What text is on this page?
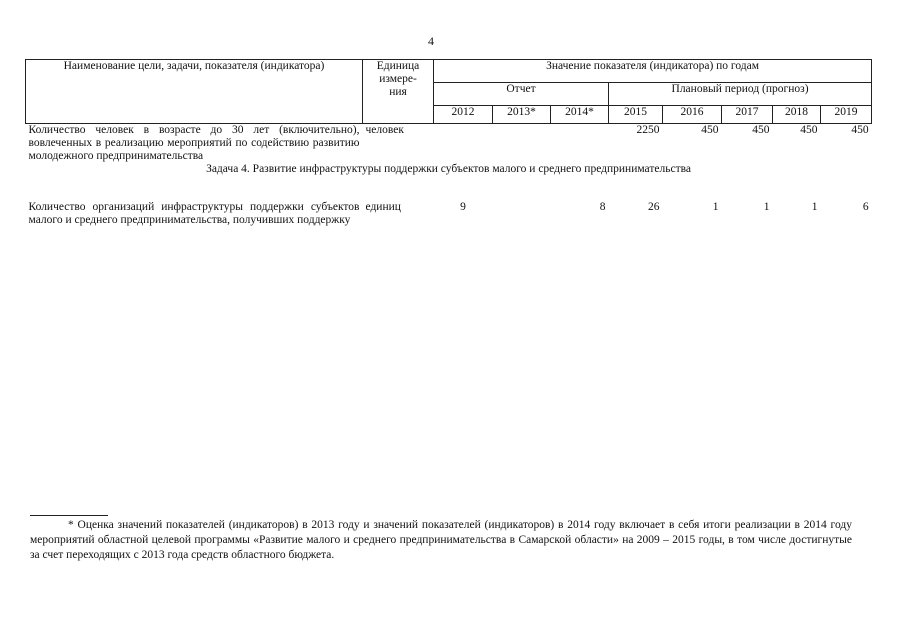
4
Наименование цели, задачи, показателя (индикатора)	Единица
измере-
ния	Значение показателя (индикатора) по годам							
		Отчет			Плановый период (прогноз)				
		2012	2013*	2014*	2015	2016	2017	2018	2019
Количество человек в возрасте до 30 лет (включительно), вовлеченных в реализацию мероприятий по содействию развитию молодежного предпринимательства	человек				2250	450	450	450	450
Задача 4. Развитие инфраструктуры поддержки субъектов малого и среднего предпринимательства									
Количество организаций инфраструктуры поддержки субъектов малого и среднего предпринимательства, получивших поддержку	единиц	9		8	26	1	1	1	6
* Оценка значений показателей (индикаторов) в 2013 году и значений показателей (индикаторов) в 2014 году включает в себя итоги реализации в 2014 году мероприятий областной целевой программы «Развитие малого и среднего предпринимательства в Самарской области» на 2009 – 2015 годы, в том числе достигнутые за счет переходящих с 2013 года средств областного бюджета.
